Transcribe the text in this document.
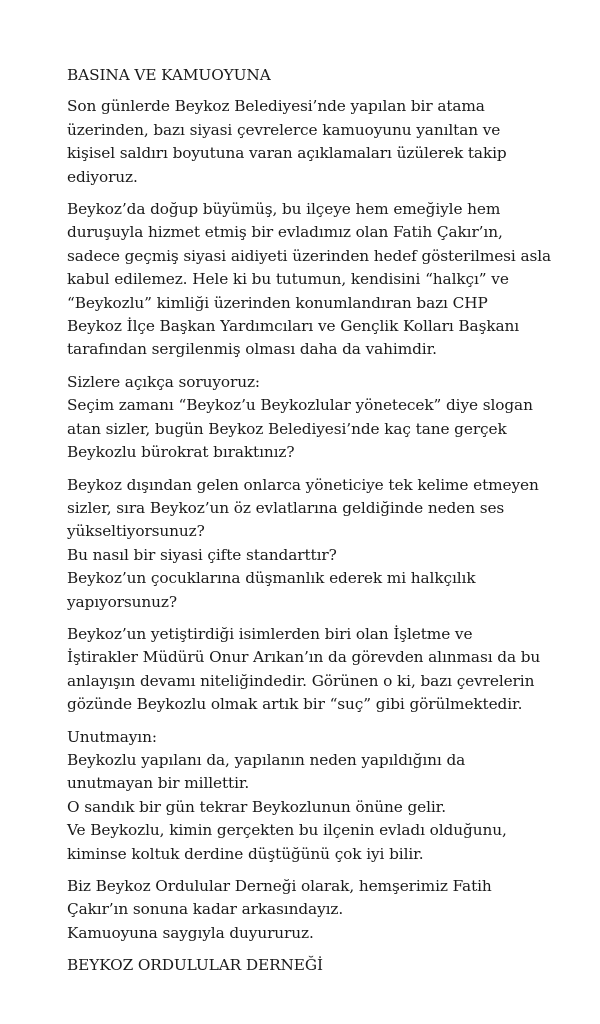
BASINA VE KAMUOYUNA
Son günlerde Beykoz Belediyesi’nde yapılan bir atama
üzerinden, bazı siyasi çevrelerce kamuoyunu yanıltan ve
kişisel saldırı boyutuna varan açıklamaları üzülerek takip
ediyoruz.
Beykoz’da doğup büyümüş, bu ilçeye hem emeğiyle hem
duruşuyla hizmet etmiş bir evladımız olan Fatih Çakır’ın,
sadece geçmiş siyasi aidiyeti üzerinden hedef gösterilmesi asla
kabul edilemez. Hele ki bu tutumun, kendisini “halkçı” ve
“Beykozlu” kimliği üzerinden konumlandıran bazı CHP
Beykoz İlçe Başkan Yardımcıları ve Gençlik Kolları Başkanı
tarafından sergilenmiş olması daha da vahimdir.
Sizlere açıkça soruyoruz:
Seçim zamanı “Beykoz’u Beykozlular yönetecek” diye slogan
atan sizler, bugün Beykoz Belediyesi’nde kaç tane gerçek
Beykozlu bürokrat bıraktınız?
Beykoz dışından gelen onlarca yöneticiye tek kelime etmeyen
sizler, sıra Beykoz’un öz evlatlarına geldiğinde neden ses
yükseltiyorsunuz?
Bu nasıl bir siyasi çifte standarttır?
Beykoz’un çocuklarına düşmanlık ederek mi halkçılık
yapıyorsunuz?
Beykoz’un yetiştirdiği isimlerden biri olan İşletme ve
İştirakler Müdürü Onur Arıkan’ın da görevden alınması da bu
anlayışın devamı niteliğindedir. Görünen o ki, bazı çevrelerin
gözünde Beykozlu olmak artık bir “suç” gibi görülmektedir.
Unutmayın:
Beykozlu yapılanı da, yapılanın neden yapıldığını da
unutmayan bir millettir.
O sandık bir gün tekrar Beykozlunun önüne gelir.
Ve Beykozlu, kimin gerçekten bu ilçenin evladı olduğunu,
kiminse koltuk derdine düştüğünü çok iyi bilir.
Biz Beykoz Ordulular Derneği olarak, hemşerimiz Fatih
Çakır’ın sonuna kadar arkasındayız.
Kamuoyuna saygıyla duyururuz.
BEYKOZ ORDULULAR DERNEĞİ
